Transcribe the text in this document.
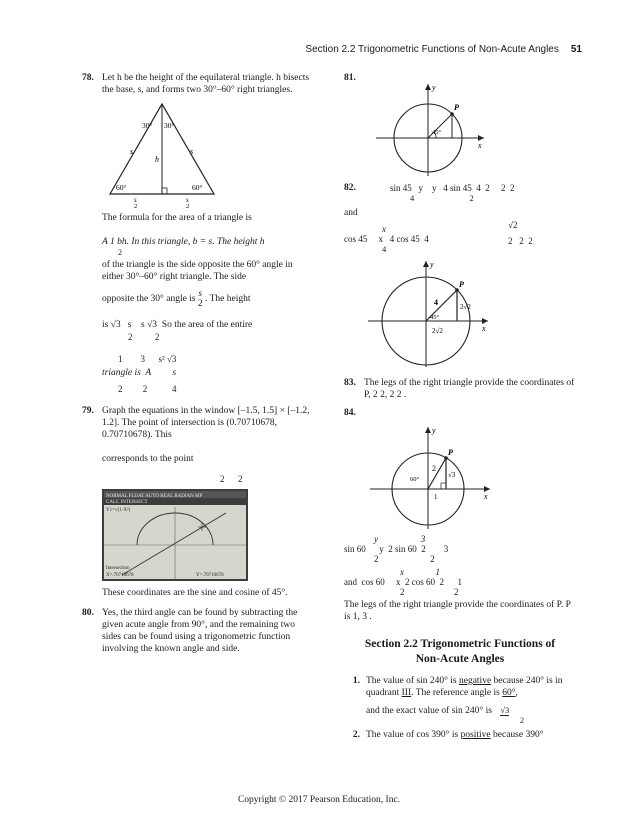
Section 2.2 Trigonometric Functions of Non-Acute Angles 51
78. Let h be the height of the equilateral triangle. h bisects the base, s, and forms two 30°–60° right triangles.

30° 30°
s	s
h
60°	60°
s
2
s
2

The formula for the area of a triangle is

A 1 bh. In this triangle, b = s. The height h

2

of the triangle is the side opposite the 60° angle in either 30°–60° right triangle. The side

opposite the 30° angle is
s
2 . The height

is √3   s    s √3 So the area of the entire

2          2

1        3      s² √3

triangle is  A         s

2         2           4

79. Graph the equations in the window [–1.5, 1.5] × [–1.2, 1.2]. The point of intersection is (0.70710678, 0.70710678). This

corresponds to the point

2      2

NORMAL FLOAT AUTO REAL RADIAN MP
CALC INTERSECT
Y1=√(1-X²)
Intersection
X=.70710678	Y=.70710678

These coordinates are the sine and cosine of 45°.

80. Yes, the third angle can be found by subtracting the given acute angle from 90°, and the remaining two sides can be found using a trigonometric function involving the known angle and side.

81.
y
x
P
45°
82.	sin 45   y    y   4 sin 45  4  2     2  2

4                          2

and

x	√2
cos 45     x   4 cos 45  4	2   2  2
4
y
x
P
4	2√2
2√2
45°
83. The legs of the right triangle provide the coordinates of P, 2 2, 2 2 .

84.
y
x
P
2
60°
√3
1

y                   3

sin 60      y  2 sin 60  2        3

2                       2

x              1

and  cos 60     x  2 cos 60  2      1

2                      2

The legs of the right triangle provide the coordinates of P. P is 1, 3 .

Section 2.2 Trigonometric Functions of

Non-Acute Angles

1. The value of sin 240° is negative because 240° is in quadrant III. The reference angle is 60°,

and the exact value of sin 240° is √3

2

2. The value of cos 390° is positive because 390°

Copyright © 2017 Pearson Education, Inc.
